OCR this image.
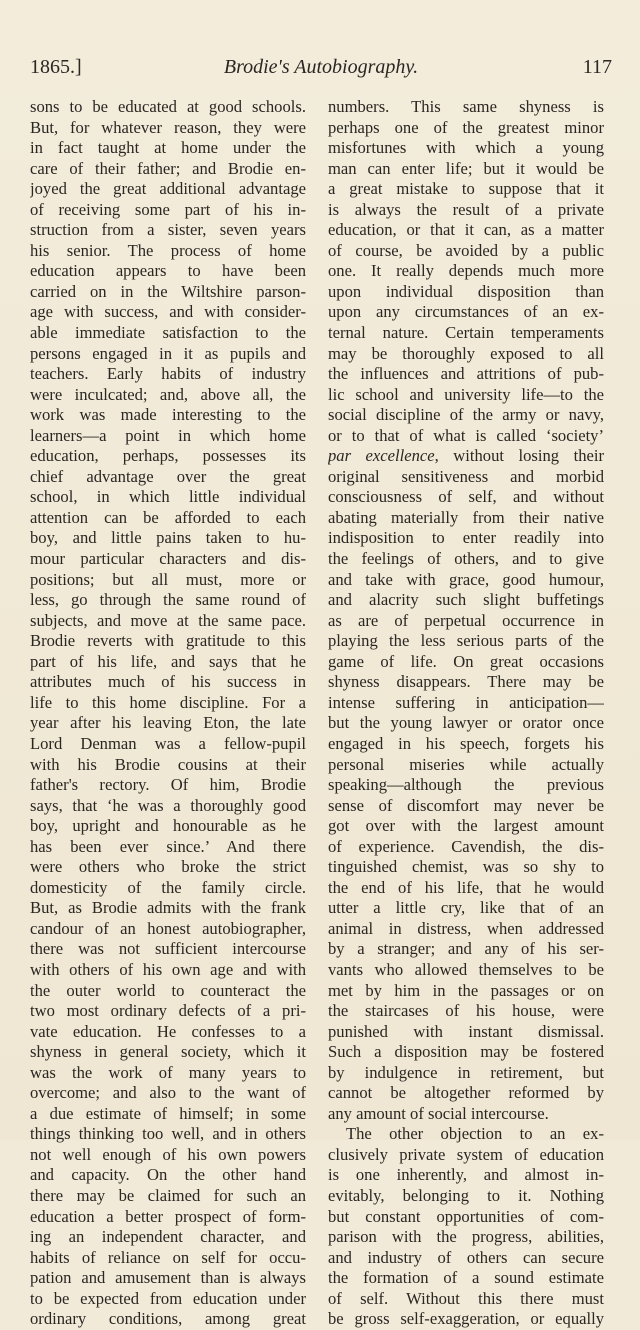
1865.]	Brodie's Autobiography.	117
sons to be educated at good schools.
But, for whatever reason, they were
in fact taught at home under the
care of their father; and Brodie en-
joyed the great additional advantage
of receiving some part of his in-
struction from a sister, seven years
his senior. The process of home
education appears to have been
carried on in the Wiltshire parson-
age with success, and with consider-
able immediate satisfaction to the
persons engaged in it as pupils and
teachers. Early habits of industry
were inculcated; and, above all, the
work was made interesting to the
learners—a point in which home
education, perhaps, possesses its
chief advantage over the great
school, in which little individual
attention can be afforded to each
boy, and little pains taken to hu-
mour particular characters and dis-
positions; but all must, more or
less, go through the same round of
subjects, and move at the same pace.
Brodie reverts with gratitude to this
part of his life, and says that he
attributes much of his success in
life to this home discipline. For a
year after his leaving Eton, the late
Lord Denman was a fellow-pupil
with his Brodie cousins at their
father's rectory. Of him, Brodie
says, that ‘he was a thoroughly good
boy, upright and honourable as he
has been ever since.’ And there
were others who broke the strict
domesticity of the family circle.
But, as Brodie admits with the frank
candour of an honest autobiographer,
there was not sufficient intercourse
with others of his own age and with
the outer world to counteract the
two most ordinary defects of a pri-
vate education. He confesses to a
shyness in general society, which it
was the work of many years to
overcome; and also to the want of
a due estimate of himself; in some
things thinking too well, and in others
not well enough of his own powers
and capacity. On the other hand
there may be claimed for such an
education a better prospect of form-
ing an independent character, and
habits of reliance on self for occu-
pation and amusement than is always
to be expected from education under
ordinary conditions, among great
numbers. This same shyness is
perhaps one of the greatest minor
misfortunes with which a young
man can enter life; but it would be
a great mistake to suppose that it
is always the result of a private
education, or that it can, as a matter
of course, be avoided by a public
one. It really depends much more
upon individual disposition than
upon any circumstances of an ex-
ternal nature. Certain temperaments
may be thoroughly exposed to all
the influences and attritions of pub-
lic school and university life—to the
social discipline of the army or navy,
or to that of what is called ‘society’
par excellence, without losing their
original sensitiveness and morbid
consciousness of self, and without
abating materially from their native
indisposition to enter readily into
the feelings of others, and to give
and take with grace, good humour,
and alacrity such slight buffetings
as are of perpetual occurrence in
playing the less serious parts of the
game of life. On great occasions
shyness disappears. There may be
intense suffering in anticipation—
but the young lawyer or orator once
engaged in his speech, forgets his
personal miseries while actually
speaking—although the previous
sense of discomfort may never be
got over with the largest amount
of experience. Cavendish, the dis-
tinguished chemist, was so shy to
the end of his life, that he would
utter a little cry, like that of an
animal in distress, when addressed
by a stranger; and any of his ser-
vants who allowed themselves to be
met by him in the passages or on
the staircases of his house, were
punished with instant dismissal.
Such a disposition may be fostered
by indulgence in retirement, but
cannot be altogether reformed by
any amount of social intercourse.
The other objection to an ex-
clusively private system of education
is one inherently, and almost in-
evitably, belonging to it. Nothing
but constant opportunities of com-
parison with the progress, abilities,
and industry of others can secure
the formation of a sound estimate
of self. Without this there must
be gross self-exaggeration, or equally
